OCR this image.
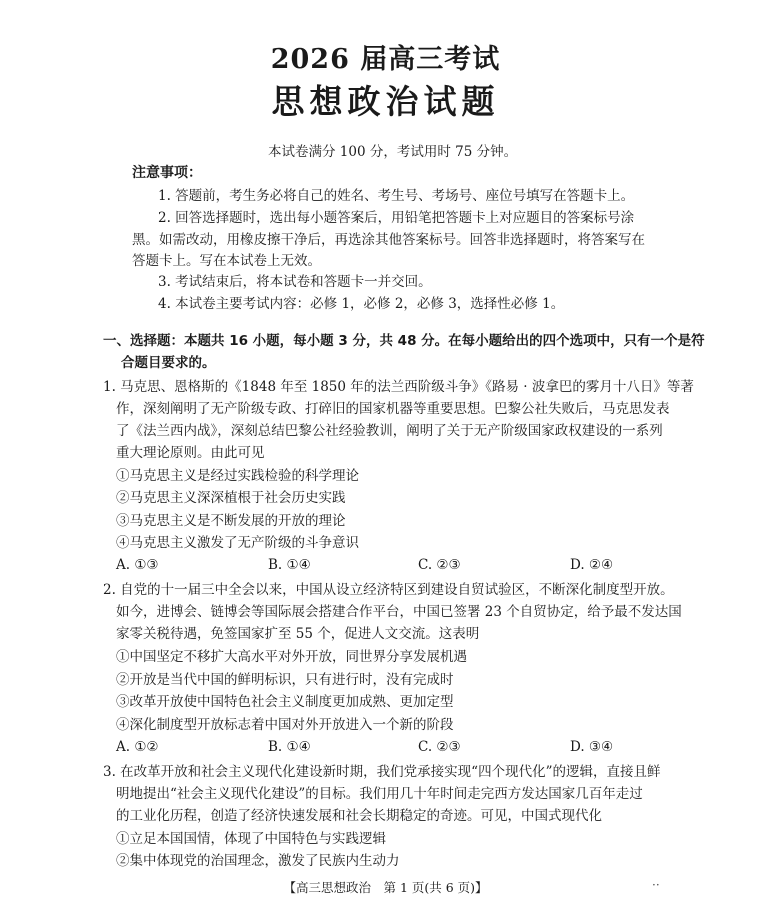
2026 届高三考试
思想政治试题
本试卷满分 100 分，考试用时 75 分钟。
注意事项：
1. 答题前，考生务必将自己的姓名、考生号、考场号、座位号填写在答题卡上。
2. 回答选择题时，选出每小题答案后，用铅笔把答题卡上对应题目的答案标号涂
黑。如需改动，用橡皮擦干净后，再选涂其他答案标号。回答非选择题时，将答案写在
答题卡上。写在本试卷上无效。
3. 考试结束后，将本试卷和答题卡一并交回。
4. 本试卷主要考试内容：必修 1，必修 2，必修 3，选择性必修 1。
一、选择题：本题共 16 小题，每小题 3 分，共 48 分。在每小题给出的四个选项中，只有一个是符
合题目要求的。
1. 马克思、恩格斯的《1848 年至 1850 年的法兰西阶级斗争》《路易 · 波拿巴的雾月十八日》等著
作，深刻阐明了无产阶级专政、打碎旧的国家机器等重要思想。巴黎公社失败后，马克思发表
了《法兰西内战》，深刻总结巴黎公社经验教训，阐明了关于无产阶级国家政权建设的一系列
重大理论原则。由此可见
①马克思主义是经过实践检验的科学理论
②马克思主义深深植根于社会历史实践
③马克思主义是不断发展的开放的理论
④马克思主义激发了无产阶级的斗争意识
A. ①③	B. ①④	C. ②③	D. ②④
2. 自党的十一届三中全会以来，中国从设立经济特区到建设自贸试验区，不断深化制度型开放。
如今，进博会、链博会等国际展会搭建合作平台，中国已签署 23 个自贸协定，给予最不发达国
家零关税待遇，免签国家扩至 55 个，促进人文交流。这表明
①中国坚定不移扩大高水平对外开放，同世界分享发展机遇
②开放是当代中国的鲜明标识，只有进行时，没有完成时
③改革开放使中国特色社会主义制度更加成熟、更加定型
④深化制度型开放标志着中国对外开放进入一个新的阶段
A. ①②	B. ①④	C. ②③	D. ③④
3. 在改革开放和社会主义现代化建设新时期，我们党承接实现“四个现代化”的逻辑，直接且鲜
明地提出“社会主义现代化建设”的目标。我们用几十年时间走完西方发达国家几百年走过
的工业化历程，创造了经济快速发展和社会长期稳定的奇迹。可见，中国式现代化
①立足本国国情，体现了中国特色与实践逻辑
②集中体现党的治国理念，激发了民族内生动力
【高三思想政治　第 1 页(共 6 页)】	··
